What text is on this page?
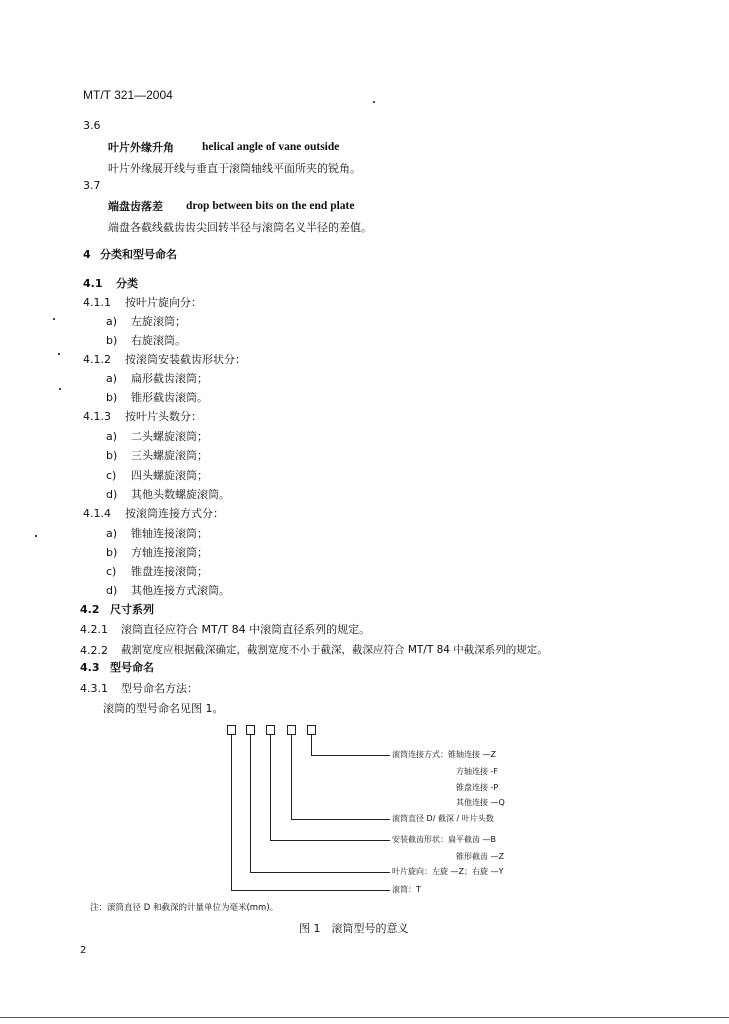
MT/T 321—2004
3.6
叶片外缘升角 helical angle of vane outside
叶片外缘展开线与垂直于滚筒轴线平面所夹的锐角。
3.7
端盘齿落差 drop between bits on the end plate
端盘各截线截齿齿尖回转半径与滚筒名义半径的差值。
4 分类和型号命名
4.1 分类
4.1.1 按叶片旋向分：
a) 左旋滚筒；
b) 右旋滚筒。
4.1.2 按滚筒安装截齿形状分：
a) 扁形截齿滚筒；
b) 锥形截齿滚筒。
4.1.3 按叶片头数分：
a) 二头螺旋滚筒；
b) 三头螺旋滚筒；
c) 四头螺旋滚筒；
d) 其他头数螺旋滚筒。
4.1.4 按滚筒连接方式分：
a) 锥轴连接滚筒；
b) 方轴连接滚筒；
c) 锥盘连接滚筒；
d) 其他连接方式滚筒。
4.2 尺寸系列
4.2.1 滚筒直径应符合 MT/T 84 中滚筒直径系列的规定。
4.2.2 截割宽度应根据截深确定，截割宽度不小于截深，截深应符合 MT/T 84 中截深系列的规定。
4.3 型号命名
4.3.1 型号命名方法：
滚筒的型号命名见图 1。
滚筒连接方式：锥轴连接 —Z
方轴连接 -F
锥盘连接 -P
其他连接 —Q
滚筒直径 D/ 截深 / 叶片头数
安装截齿形状：扁平截齿 —B
锥形截齿 —Z
叶片旋向：左旋 —Z；右旋 —Y
滚筒：T
注：滚筒直径 D 和截深的计量单位为毫米(mm)。
图 1　滚筒型号的意义
2
